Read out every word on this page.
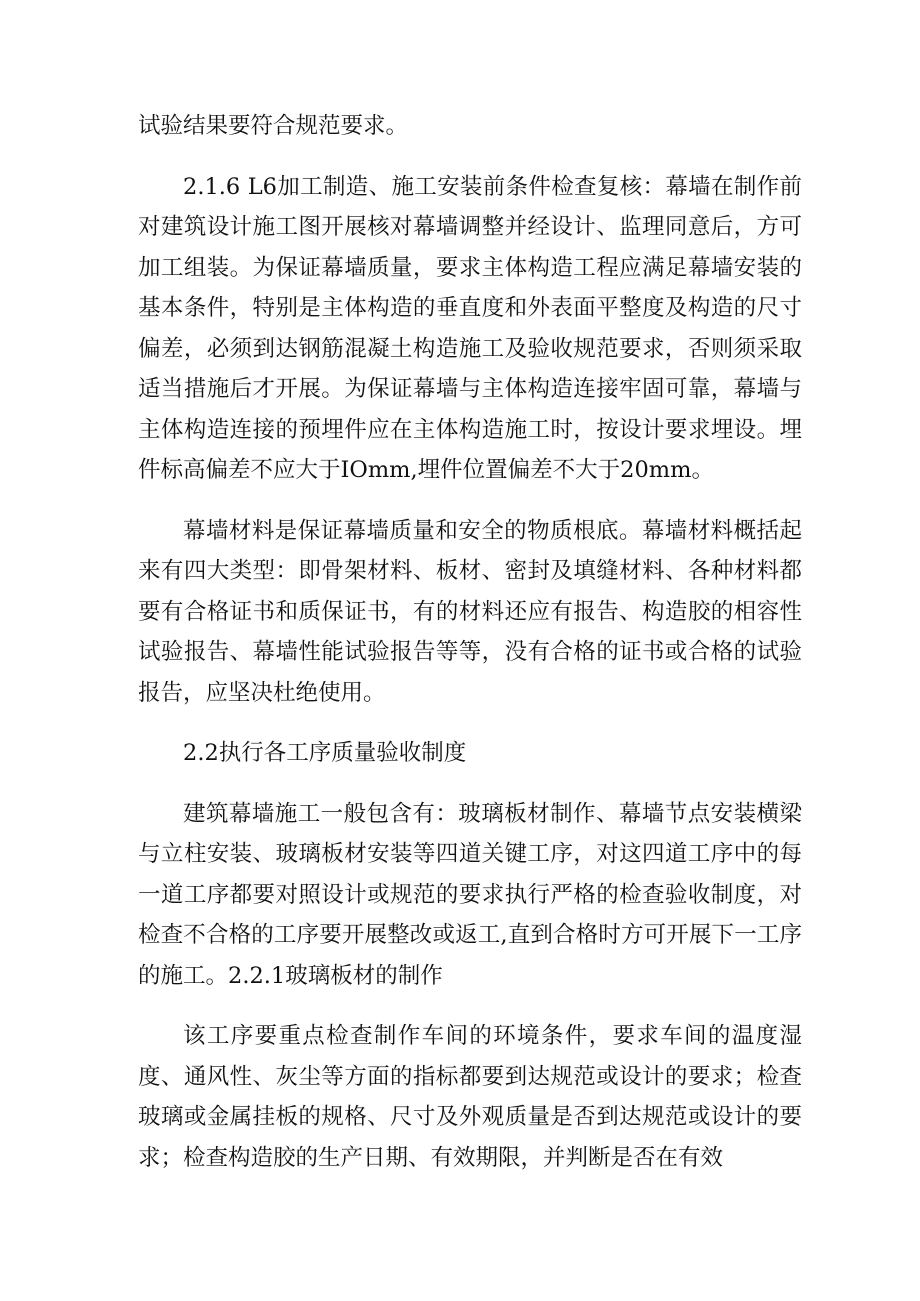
试验结果要符合规范要求。

2.1.6 L6加工制造、施工安装前条件检查复核：幕墙在制作前对建筑设计施工图开展核对幕墙调整并经设计、监理同意后，方可加工组装。为保证幕墙质量，要求主体构造工程应满足幕墙安装的基本条件，特别是主体构造的垂直度和外表面平整度及构造的尺寸偏差，必须到达钢筋混凝土构造施工及验收规范要求，否则须采取适当措施后才开展。为保证幕墙与主体构造连接牢固可靠，幕墙与主体构造连接的预埋件应在主体构造施工时，按设计要求埋设。埋件标高偏差不应大于IOmm,埋件位置偏差不大于20mm。

幕墙材料是保证幕墙质量和安全的物质根底。幕墙材料概括起来有四大类型：即骨架材料、板材、密封及填缝材料、各种材料都要有合格证书和质保证书，有的材料还应有报告、构造胶的相容性试验报告、幕墙性能试验报告等等，没有合格的证书或合格的试验报告，应坚决杜绝使用。

2.2执行各工序质量验收制度

建筑幕墙施工一般包含有：玻璃板材制作、幕墙节点安装横梁与立柱安装、玻璃板材安装等四道关键工序，对这四道工序中的每一道工序都要对照设计或规范的要求执行严格的检查验收制度，对检查不合格的工序要开展整改或返工,直到合格时方可开展下一工序的施工。2.2.1玻璃板材的制作

该工序要重点检查制作车间的环境条件，要求车间的温度湿度、通风性、灰尘等方面的指标都要到达规范或设计的要求；检查玻璃或金属挂板的规格、尺寸及外观质量是否到达规范或设计的要求；检查构造胶的生产日期、有效期限，并判断是否在有效
